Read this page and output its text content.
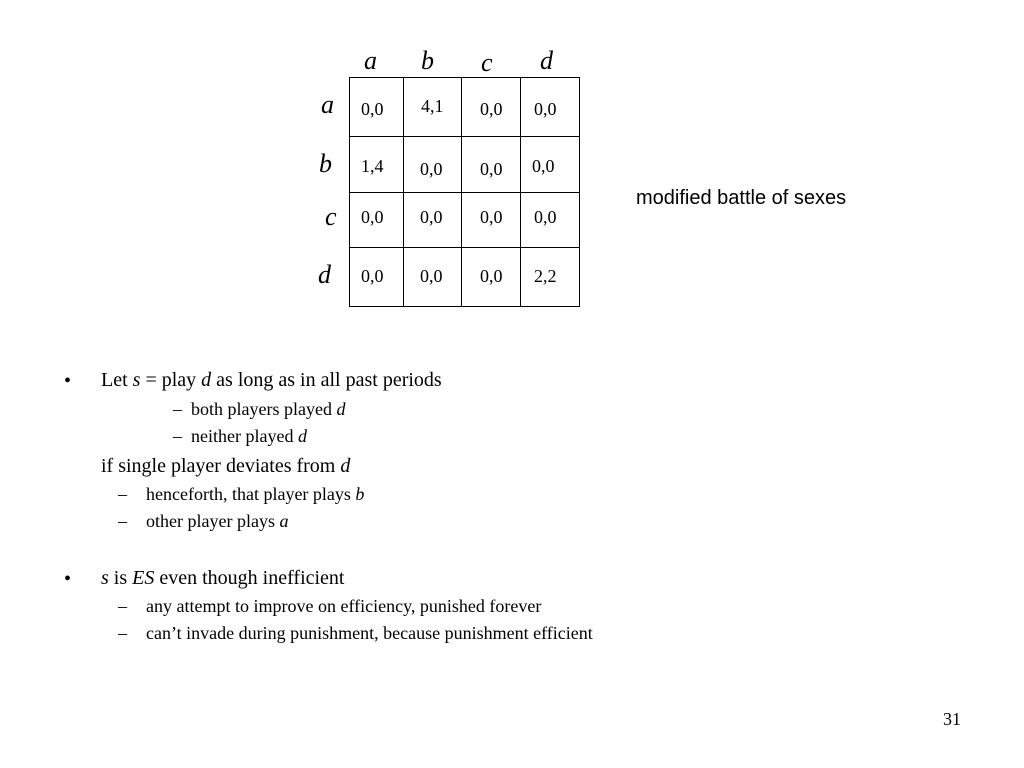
a b c d
a
b
c
d
0,0 4,1 0,0 0,0
1,4 0,0 0,0 0,0
0,0 0,0 0,0 0,0
0,0 0,0 0,0 2,2
modified battle of sexes
• Let s = play d as long as in all past periods
– both players played d
– neither played d
if single player deviates from d
– henceforth, that player plays b
– other player plays a
• s is ES even though inefficient
– any attempt to improve on efficiency, punished forever
– can’t invade during punishment, because punishment efficient
31
